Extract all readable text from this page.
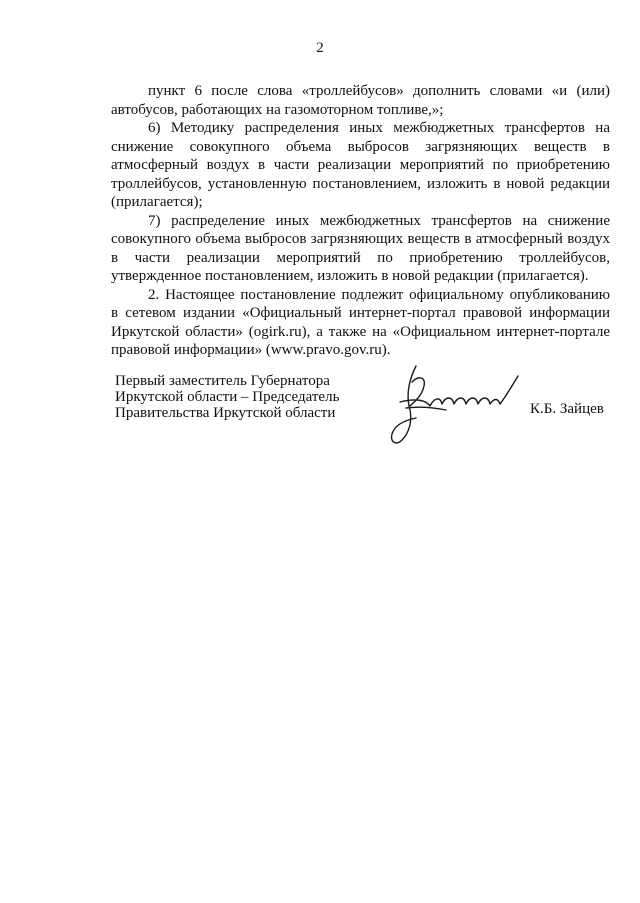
2

пункт 6 после слова «троллейбусов» дополнить словами «и (или) автобусов, работающих на газомоторном топливе,»;

6) Методику распределения иных межбюджетных трансфертов на снижение совокупного объема выбросов загрязняющих веществ в атмосферный воздух в части реализации мероприятий по приобретению троллейбусов, установленную постановлением, изложить в новой редакции (прилагается);

7) распределение иных межбюджетных трансфертов на снижение совокупного объема выбросов загрязняющих веществ в атмосферный воздух в части реализации мероприятий по приобретению троллейбусов, утвержденное постановлением, изложить в новой редакции (прилагается).

2. Настоящее постановление подлежит официальному опубликованию в сетевом издании «Официальный интернет-портал правовой информации Иркутской области» (ogirk.ru), а также на «Официальном интернет-портале правовой информации» (www.pravo.gov.ru).

Первый заместитель Губернатора
Иркутской области – Председатель
Правительства Иркутской области	К.Б. Зайцев
